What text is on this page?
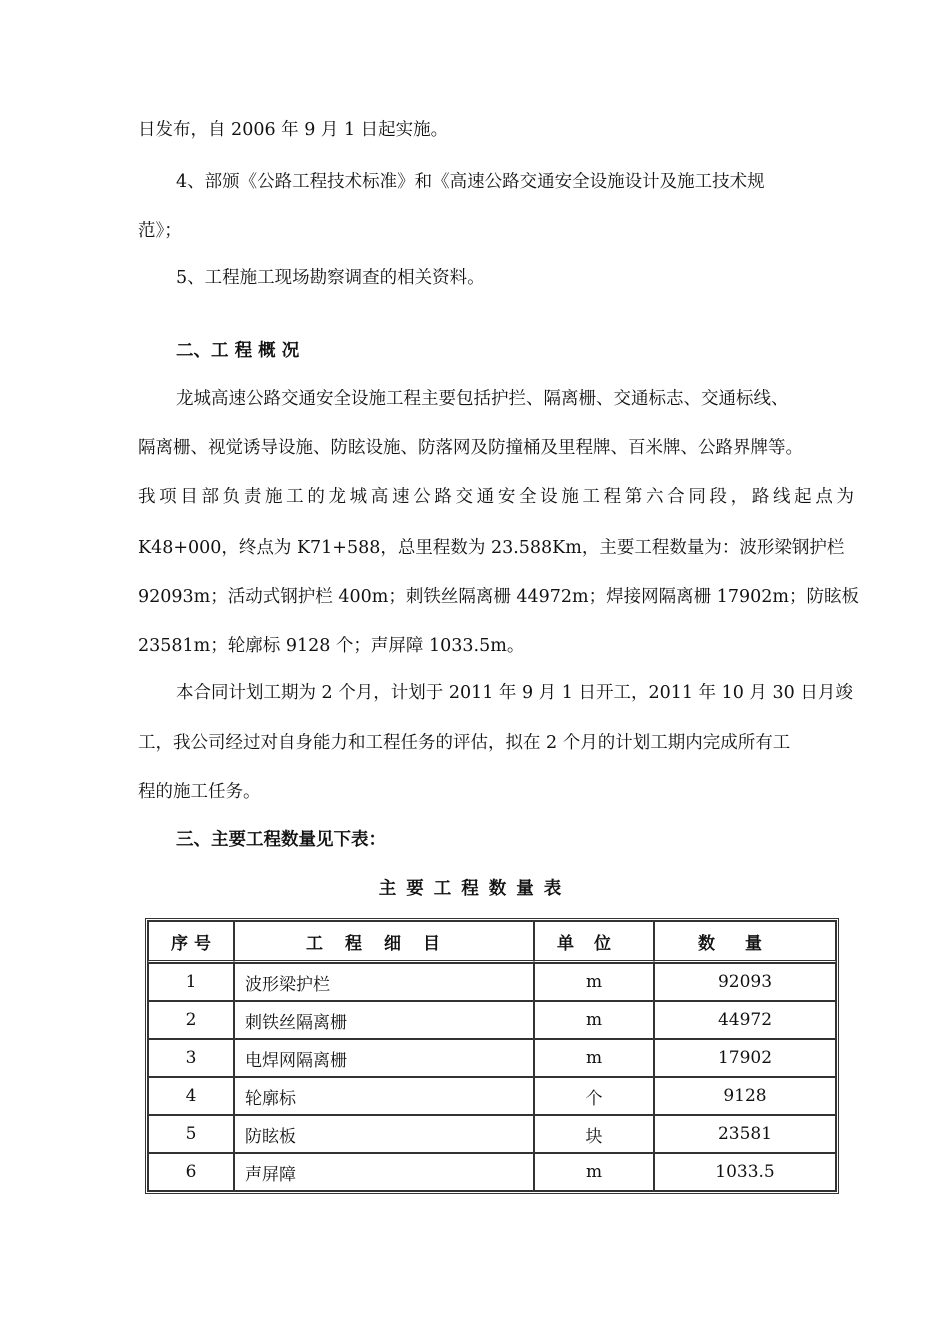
日发布，自 2006 年 9 月 1 日起实施。
4、部颁《公路工程技术标准》和《高速公路交通安全设施设计及施工技术规
范》；
5、工程施工现场勘察调查的相关资料。
二、工 程 概 况
龙城高速公路交通安全设施工程主要包括护拦、隔离栅、交通标志、交通标线、
隔离栅、视觉诱导设施、防眩设施、防落网及防撞桶及里程牌、百米牌、公路界牌等。
我项目部负责施工的龙城高速公路交通安全设施工程第六合同段，路线起点为
K48+000，终点为 K71+588，总里程数为 23.588Km，主要工程数量为：波形梁钢护栏
92093m；活动式钢护栏 400m；刺铁丝隔离栅 44972m；焊接网隔离栅 17902m；防眩板
23581m；轮廓标 9128 个；声屏障 1033.5m。
本合同计划工期为 2 个月，计划于 2011 年 9 月 1 日开工，2011 年 10 月 30 日月竣
工，我公司经过对自身能力和工程任务的评估，拟在 2 个月的计划工期内完成所有工
程的施工任务。
三、主要工程数量见下表：
主要工程数量表
序 号	工程细目	单位	数量
1	波形梁护栏	m	92093
2	刺铁丝隔离栅	m	44972
3	电焊网隔离栅	m	17902
4	轮廓标	个	9128
5	防眩板	块	23581
6	声屏障	m	1033.5
